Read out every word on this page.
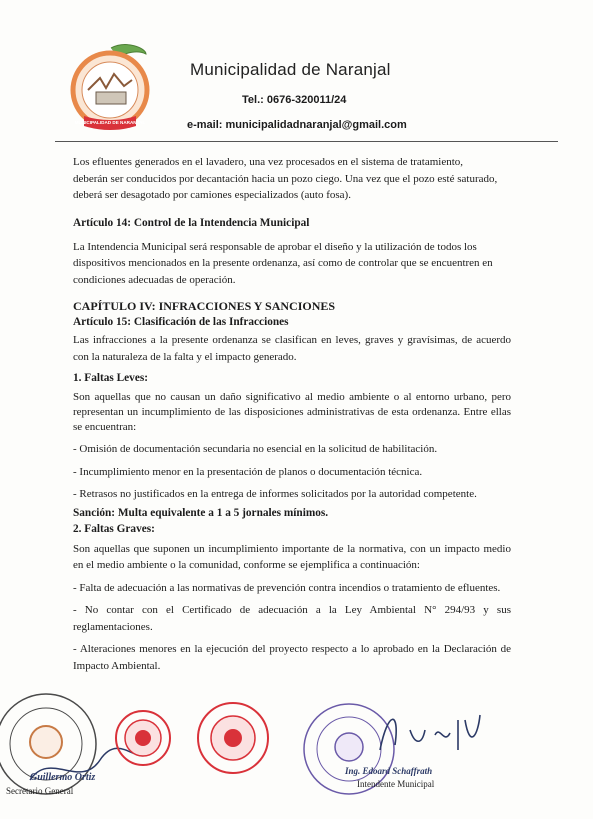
MUNICIPALIDAD DE NARANJAL
Municipalidad de Naranjal
Tel.: 0676-320011/24
e-mail: municipalidadnaranjal@gmail.com

Los efluentes generados en el lavadero, una vez procesados en el sistema de tratamiento, deberán ser conducidos por decantación hacia un pozo ciego. Una vez que el pozo esté saturado, deberá ser desagotado por camiones especializados (auto fosa).

Artículo 14: Control de la Intendencia Municipal

La Intendencia Municipal será responsable de aprobar el diseño y la utilización de todos los dispositivos mencionados en la presente ordenanza, así como de controlar que se encuentren en condiciones adecuadas de operación.

CAPÍTULO IV: INFRACCIONES Y SANCIONES

Artículo 15: Clasificación de las Infracciones

Las infracciones a la presente ordenanza se clasifican en leves, graves y gravísimas, de acuerdo con la naturaleza de la falta y el impacto generado.

1. Faltas Leves:

Son aquellas que no causan un daño significativo al medio ambiente o al entorno urbano, pero representan un incumplimiento de las disposiciones administrativas de esta ordenanza. Entre ellas se encuentran:

- Omisión de documentación secundaria no esencial en la solicitud de habilitación.

- Incumplimiento menor en la presentación de planos o documentación técnica.

- Retrasos no justificados en la entrega de informes solicitados por la autoridad competente.

Sanción: Multa equivalente a 1 a 5 jornales mínimos.

2. Faltas Graves:

Son aquellas que suponen un incumplimiento importante de la normativa, con un impacto medio en el medio ambiente o la comunidad, conforme se ejemplifica a continuación:

- Falta de adecuación a las normativas de prevención contra incendios o tratamiento de efluentes.

- No contar con el Certificado de adecuación a la Ley Ambiental N° 294/93 y sus reglamentaciones.

- Alteraciones menores en la ejecución del proyecto respecto a lo aprobado en la Declaración de Impacto Ambiental.

Guillermo Ortiz
Secretario General
Ing. Edoard Schaffrath
Intendente Municipal
